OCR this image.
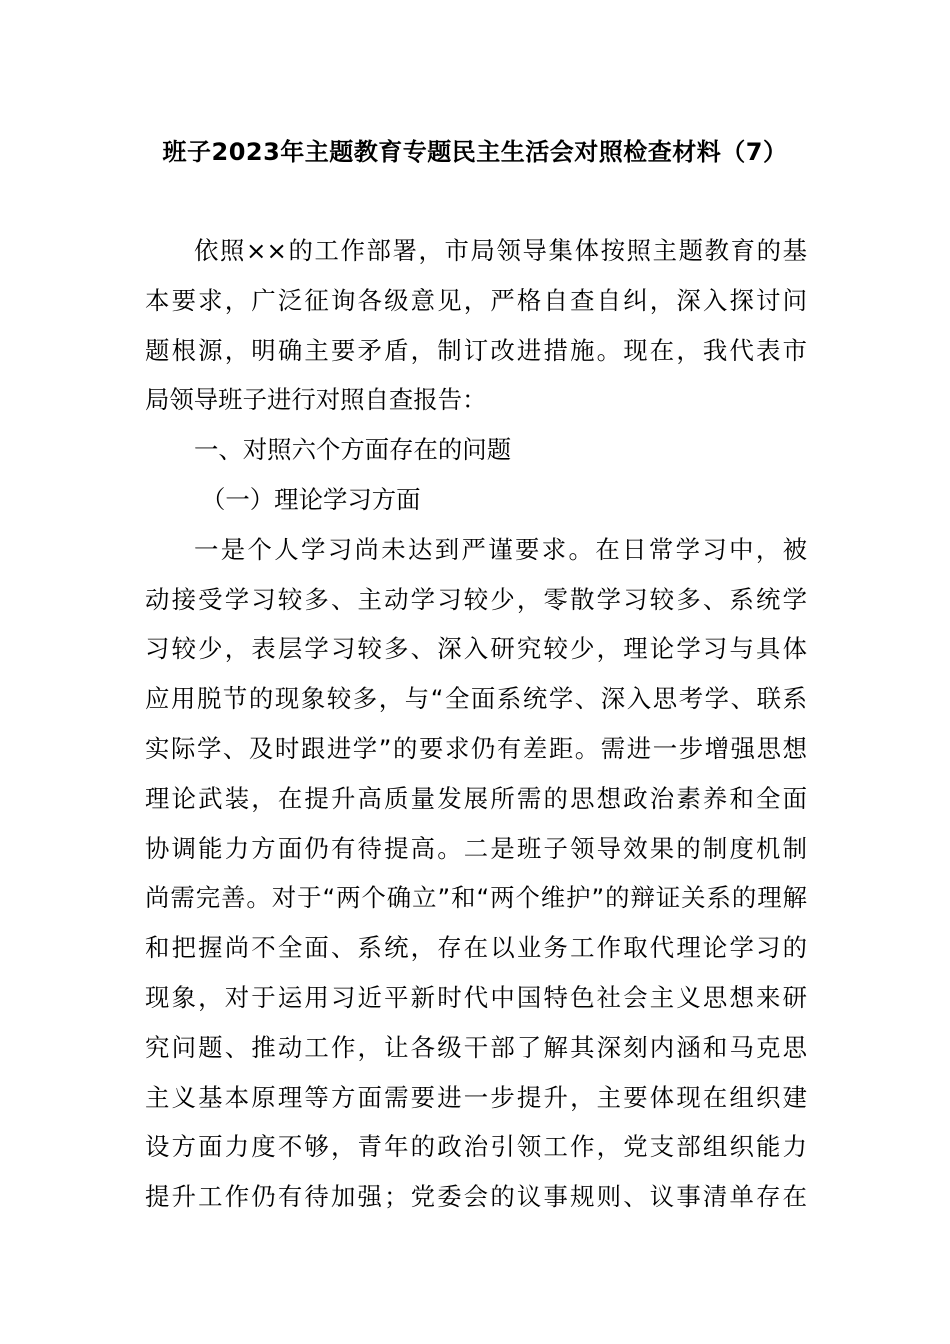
班子2023年主题教育专题民主生活会对照检查材料（7）
依照××的工作部署，市局领导集体按照主题教育的基
本要求，广泛征询各级意见，严格自查自纠，深入探讨问
题根源，明确主要矛盾，制订改进措施。现在，我代表市
局领导班子进行对照自查报告：
一、对照六个方面存在的问题
（一）理论学习方面
一是个人学习尚未达到严谨要求。在日常学习中，被
动接受学习较多、主动学习较少，零散学习较多、系统学
习较少，表层学习较多、深入研究较少，理论学习与具体
应用脱节的现象较多，与“全面系统学、深入思考学、联系
实际学、及时跟进学”的要求仍有差距。需进一步增强思想
理论武装，在提升高质量发展所需的思想政治素养和全面
协调能力方面仍有待提高。二是班子领导效果的制度机制
尚需完善。对于“两个确立”和“两个维护”的辩证关系的理解
和把握尚不全面、系统，存在以业务工作取代理论学习的
现象，对于运用习近平新时代中国特色社会主义思想来研
究问题、推动工作，让各级干部了解其深刻内涵和马克思
主义基本原理等方面需要进一步提升，主要体现在组织建
设方面力度不够，青年的政治引领工作，党支部组织能力
提升工作仍有待加强；党委会的议事规则、议事清单存在
